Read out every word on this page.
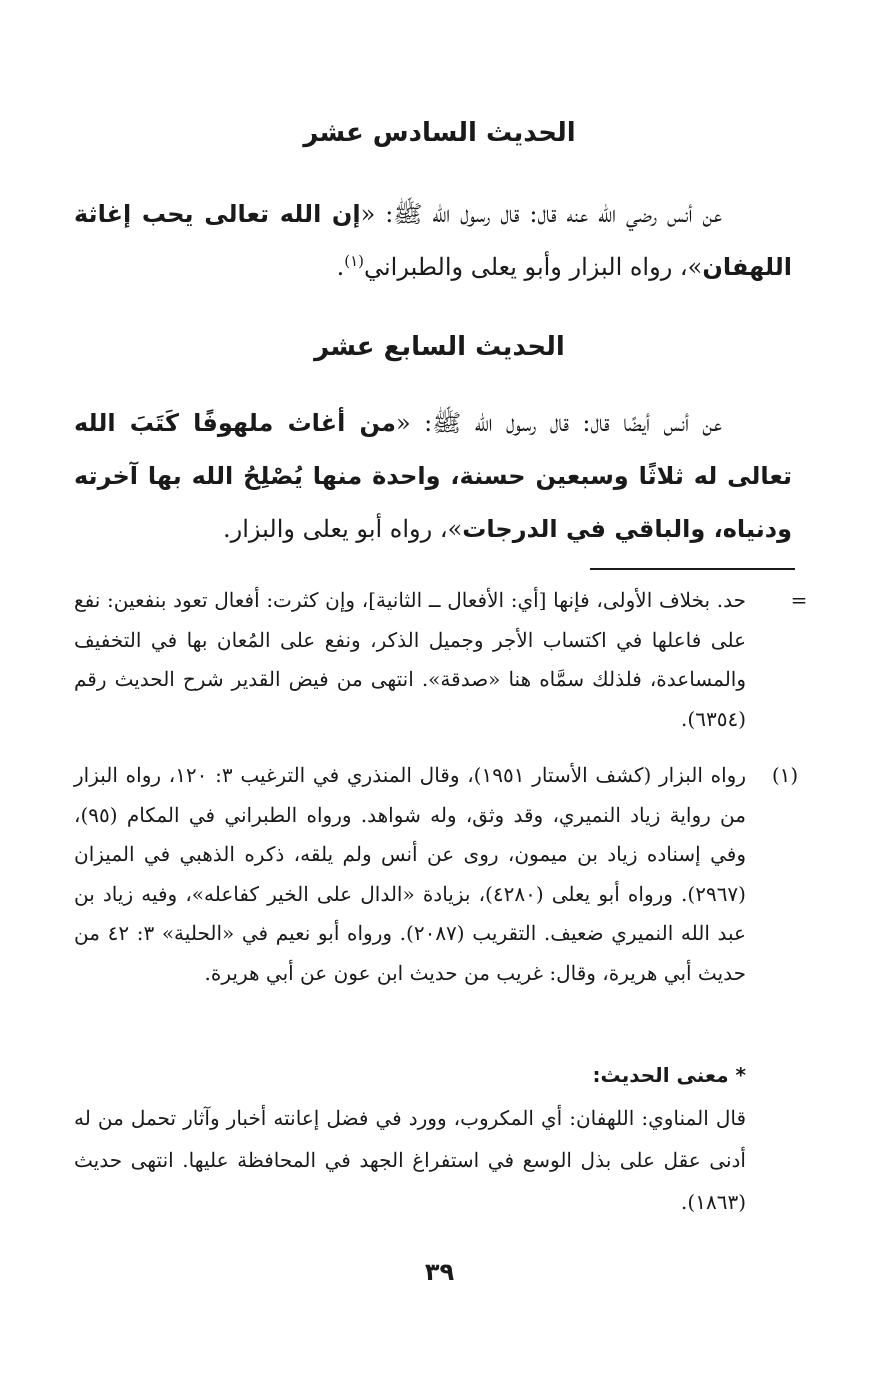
الحديث السادس عشر

عن أنس رضي الله عنه قال: قال رسول الله ﷺ: «إن الله تعالى يحب إغاثة اللهفان»، رواه البزار وأبو يعلى والطبراني$^{(١)}$.

الحديث السابع عشر

عن أنس أيضًا قال: قال رسول الله ﷺ: «من أغاث ملهوفًا كَتَبَ الله تعالى له ثلاثًا وسبعين حسنة، واحدة منها يُصْلِحُ الله بها آخرته ودنياه، والباقي في الدرجات»، رواه أبو يعلى والبزار.

=

حد. بخلاف الأولى، فإنها [أي: الأفعال ــ الثانية]، وإن كثرت: أفعال تعود بنفعين: نفع على فاعلها في اكتساب الأجر وجميل الذكر، ونفع على المُعان بها في التخفيف والمساعدة، فلذلك سمَّاه هنا «صدقة». انتهى من فيض القدير شرح الحديث رقم (٦٣٥٤).

(١)

رواه البزار (كشف الأستار ١٩٥١)، وقال المنذري في الترغيب ٣: ١٢٠، رواه البزار من رواية زياد النميري، وقد وثق، وله شواهد. ورواه الطبراني في المكام (٩٥)، وفي إسناده زياد بن ميمون، روى عن أنس ولم يلقه، ذكره الذهبي في الميزان (٢٩٦٧). ورواه أبو يعلى (٤٢٨٠)، بزيادة «الدال على الخير كفاعله»، وفيه زياد بن عبد الله النميري ضعيف. التقريب (٢٠٨٧). ورواه أبو نعيم في «الحلية» ٣: ٤٢ من حديث أبي هريرة، وقال: غريب من حديث ابن عون عن أبي هريرة.

* معنى الحديث:

قال المناوي: اللهفان: أي المكروب، وورد في فضل إعانته أخبار وآثار تحمل من له أدنى عقل على بذل الوسع في استفراغ الجهد في المحافظة عليها. انتهى حديث (١٨٦٣).

٣٩
